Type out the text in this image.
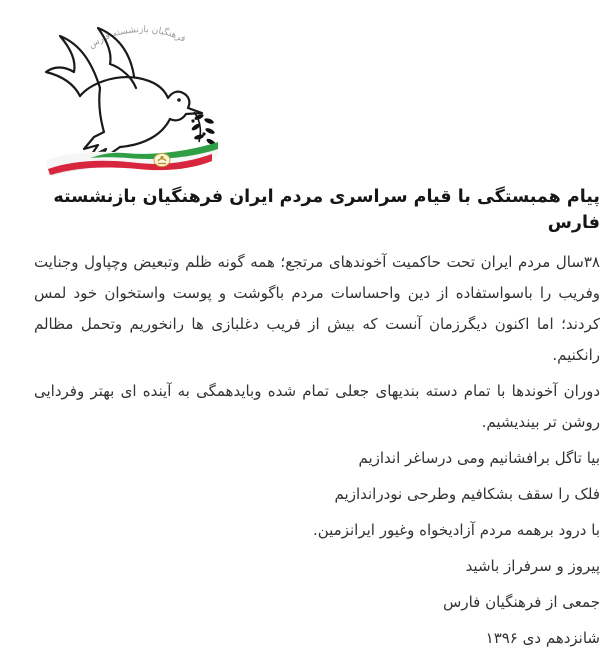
فرهنگیان بازنشسته فارس
پیام همبستگی با قیام سراسری مردم ایران فرهنگیان بازنشسته فارس

۳۸سال مردم ایران تحت حاکمیت آخوندهای مرتجع؛ همه گونه ظلم وتبعیض وچپاول وجنایت وفریب را باسواستفاده از دین واحساسات مردم باگوشت و پوست واستخوان خود لمس کردند؛ اما اکنون دیگرزمان آنست که بیش از فریب دغلبازی ها رانخوریم وتحمل مظالم رانکنیم.

دوران آخوندها با تمام دسته بندیهای جعلی تمام شده وبایدهمگی به آینده ای بهتر وفردایی روشن تر بیندیشیم.

بیا تاگل برافشانیم ومی درساغر اندازیم

فلک را سقف بشکافیم وطرحی نودراندازیم

با درود برهمه مردم آزادیخواه وغیور ایرانزمین.

پیروز و سرفراز باشید

جمعی از فرهنگیان فارس

شانزدهم دی ۱۳۹۶
